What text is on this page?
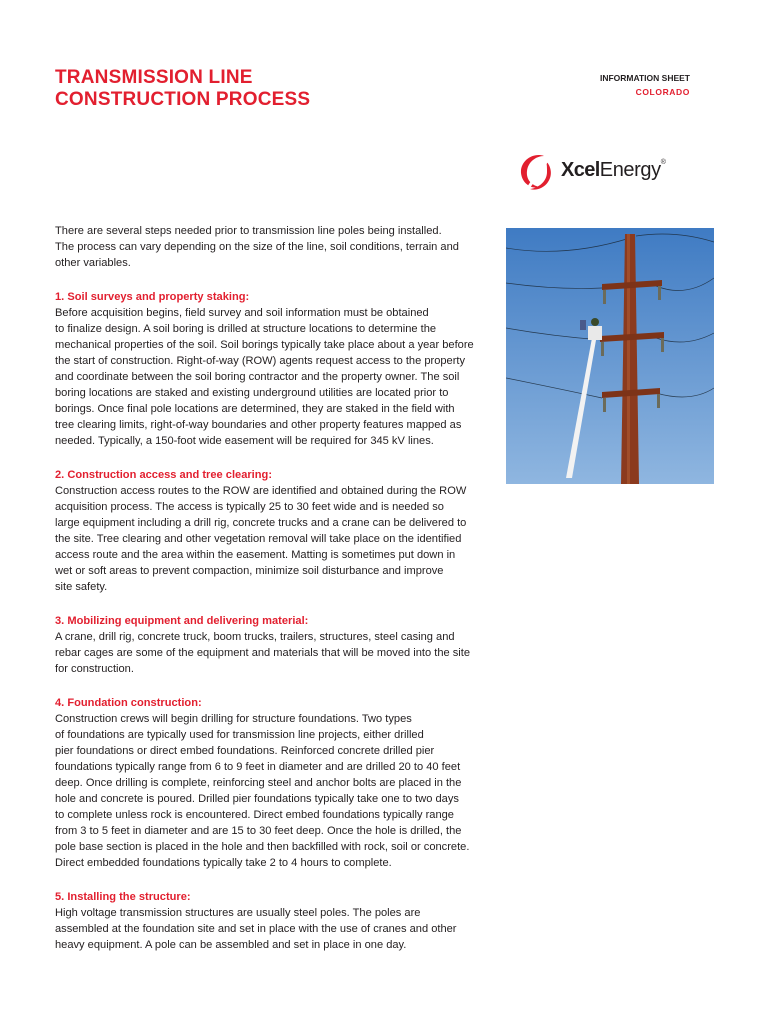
TRANSMISSION LINE
CONSTRUCTION PROCESS
INFORMATION SHEET
COLORADO
XcelEnergy®

There are several steps needed prior to transmission line poles being installed.
The process can vary depending on the size of the line, soil conditions, terrain and
other variables.

1. Soil surveys and property staking:

Before acquisition begins, field survey and soil information must be obtained
to finalize design. A soil boring is drilled at structure locations to determine the
mechanical properties of the soil. Soil borings typically take place about a year before
the start of construction. Right-of-way (ROW) agents request access to the property
and coordinate between the soil boring contractor and the property owner. The soil
boring locations are staked and existing underground utilities are located prior to
borings. Once final pole locations are determined, they are staked in the field with
tree clearing limits, right-of-way boundaries and other property features mapped as
needed. Typically, a 150-foot wide easement will be required for 345 kV lines.

2. Construction access and tree clearing:

Construction access routes to the ROW are identified and obtained during the ROW
acquisition process. The access is typically 25 to 30 feet wide and is needed so
large equipment including a drill rig, concrete trucks and a crane can be delivered to
the site. Tree clearing and other vegetation removal will take place on the identified
access route and the area within the easement. Matting is sometimes put down in
wet or soft areas to prevent compaction, minimize soil disturbance and improve
site safety.

3. Mobilizing equipment and delivering material:

A crane, drill rig, concrete truck, boom trucks, trailers, structures, steel casing and
rebar cages are some of the equipment and materials that will be moved into the site
for construction.

4. Foundation construction:

Construction crews will begin drilling for structure foundations. Two types
of foundations are typically used for transmission line projects, either drilled
pier foundations or direct embed foundations. Reinforced concrete drilled pier
foundations typically range from 6 to 9 feet in diameter and are drilled 20 to 40 feet
deep. Once drilling is complete, reinforcing steel and anchor bolts are placed in the
hole and concrete is poured. Drilled pier foundations typically take one to two days
to complete unless rock is encountered. Direct embed foundations typically range
from 3 to 5 feet in diameter and are 15 to 30 feet deep. Once the hole is drilled, the
pole base section is placed in the hole and then backfilled with rock, soil or concrete.
Direct embedded foundations typically take 2 to 4 hours to complete.

5. Installing the structure:

High voltage transmission structures are usually steel poles. The poles are
assembled at the foundation site and set in place with the use of cranes and other
heavy equipment. A pole can be assembled and set in place in one day.
